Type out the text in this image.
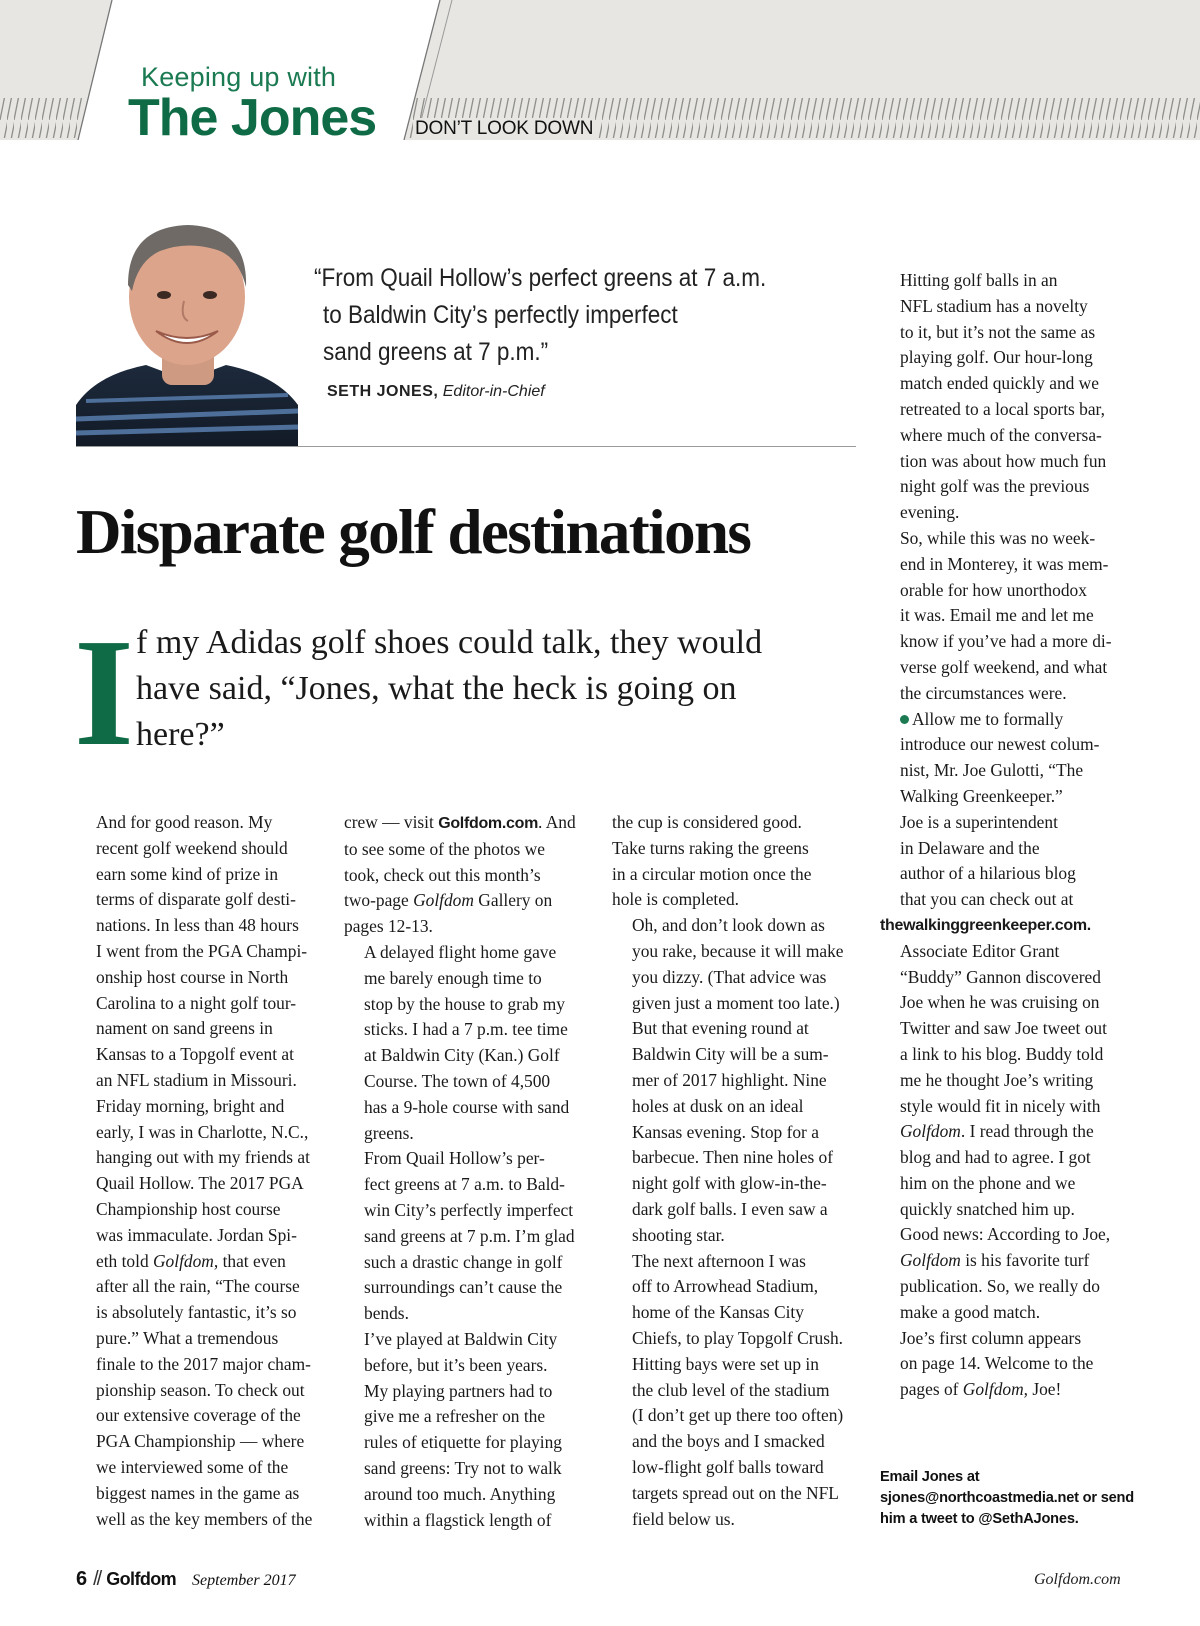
Keeping up with
The Jones DON’T LOOK DOWN
“From Quail Hollow’s perfect greens at 7 a.m.
to Baldwin City’s perfectly imperfect
sand greens at 7 p.m.”
SETH JONES, Editor-in-Chief
Disparate golf destinations
I f my Adidas golf shoes could talk, they would
have said, “Jones, what the heck is going on
here?”

And for good reason. My
recent golf weekend should
earn some kind of prize in
terms of disparate golf desti-
nations. In less than 48 hours
I went from the PGA Champi-
onship host course in North
Carolina to a night golf tour-
nament on sand greens in
Kansas to a Topgolf event at
an NFL stadium in Missouri.

Friday morning, bright and
early, I was in Charlotte, N.C.,
hanging out with my friends at
Quail Hollow. The 2017 PGA
Championship host course
was immaculate. Jordan Spi-
eth told Golfdom, that even
after all the rain, “The course
is absolutely fantastic, it’s so
pure.” What a tremendous
finale to the 2017 major cham-
pionship season. To check out
our extensive coverage of the
PGA Championship — where
we interviewed some of the
biggest names in the game as
well as the key members of the

crew — visit Golfdom.com. And
to see some of the photos we
took, check out this month’s
two-page Golfdom Gallery on
pages 12-13.

A delayed flight home gave
me barely enough time to
stop by the house to grab my
sticks. I had a 7 p.m. tee time
at Baldwin City (Kan.) Golf
Course. The town of 4,500
has a 9-hole course with sand
greens.

From Quail Hollow’s per-
fect greens at 7 a.m. to Bald-
win City’s perfectly imperfect
sand greens at 7 p.m. I’m glad
such a drastic change in golf
surroundings can’t cause the
bends.

I’ve played at Baldwin City
before, but it’s been years.
My playing partners had to
give me a refresher on the
rules of etiquette for playing
sand greens: Try not to walk
around too much. Anything
within a flagstick length of

the cup is considered good.
Take turns raking the greens
in a circular motion once the
hole is completed.

Oh, and don’t look down as
you rake, because it will make
you dizzy. (That advice was
given just a moment too late.)

But that evening round at
Baldwin City will be a sum-
mer of 2017 highlight. Nine
holes at dusk on an ideal
Kansas evening. Stop for a
barbecue. Then nine holes of
night golf with glow-in-the-
dark golf balls. I even saw a
shooting star.

The next afternoon I was
off to Arrowhead Stadium,
home of the Kansas City
Chiefs, to play Topgolf Crush.
Hitting bays were set up in
the club level of the stadium
(I don’t get up there too often)
and the boys and I smacked
low-flight golf balls toward
targets spread out on the NFL
field below us.

Hitting golf balls in an
NFL stadium has a novelty
to it, but it’s not the same as
playing golf. Our hour-long
match ended quickly and we
retreated to a local sports bar,
where much of the conversa-
tion was about how much fun
night golf was the previous
evening.

So, while this was no week-
end in Monterey, it was mem-
orable for how unorthodox
it was. Email me and let me
know if you’ve had a more di-
verse golf weekend, and what
the circumstances were.

Allow me to formally
introduce our newest colum-
nist, Mr. Joe Gulotti, “The
Walking Greenkeeper.”

Joe is a superintendent
in Delaware and the
author of a hilarious blog
that you can check out at
thewalkinggreenkeeper.com.

Associate Editor Grant
“Buddy” Gannon discovered
Joe when he was cruising on
Twitter and saw Joe tweet out
a link to his blog. Buddy told
me he thought Joe’s writing
style would fit in nicely with
Golfdom. I read through the
blog and had to agree. I got
him on the phone and we
quickly snatched him up.
Good news: According to Joe,
Golfdom is his favorite turf
publication. So, we really do
make a good match.

Joe’s first column appears
on page 14. Welcome to the
pages of Golfdom, Joe!

Email Jones at
sjones@northcoastmedia.net or send
him a tweet to @SethAJones.
6 // Golfdom September 2017	Golfdom.com
